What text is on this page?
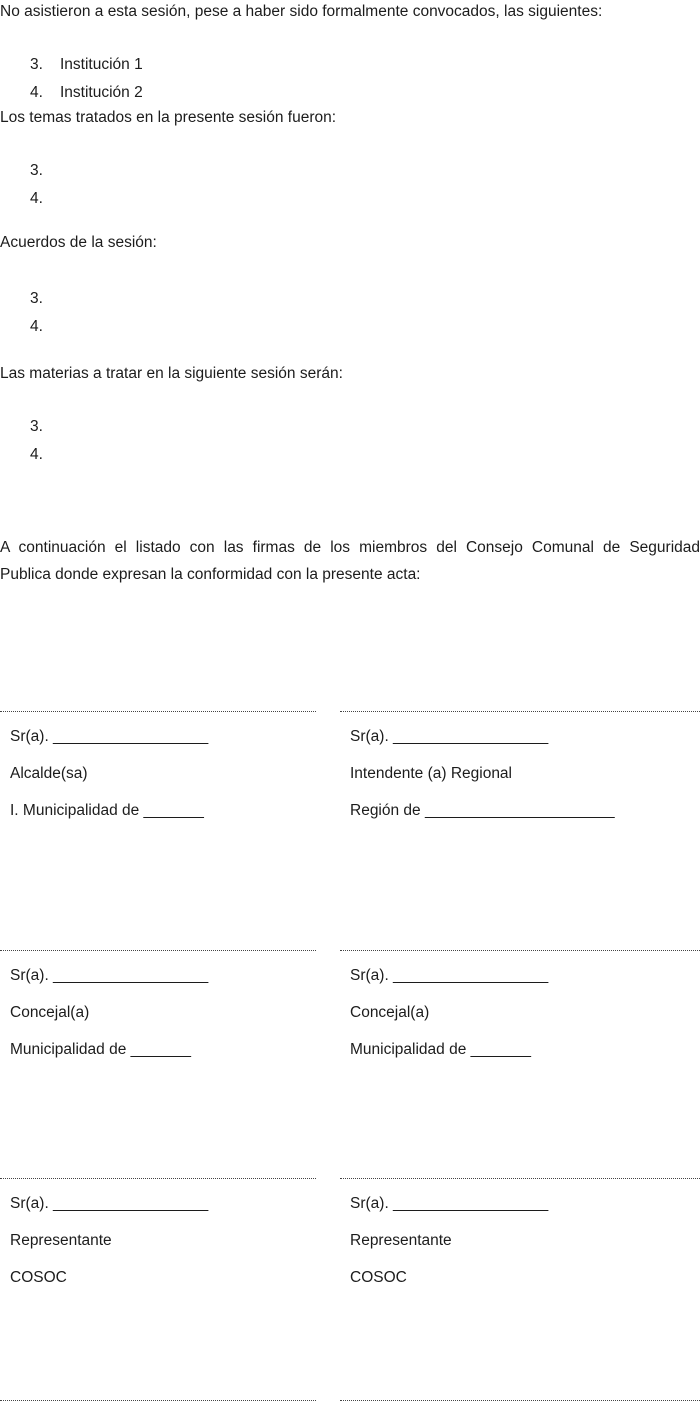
No asistieron a esta sesión, pese a haber sido formalmente convocados, las siguientes:

3. Institución 1
4. Institución 2

Los temas tratados en la presente sesión fueron:

3.
4.

Acuerdos de la sesión:

3.
4.

Las materias a tratar en la siguiente sesión serán:

3.
4.

A continuación el listado con las firmas de los miembros del Consejo Comunal de Seguridad

Publica donde expresan la conformidad con la presente acta:

Sr(a). __________________

Alcalde(sa)

I. Municipalidad de _______

Sr(a). __________________

Intendente (a) Regional

Región de ______________________

Sr(a). __________________

Concejal(a)

Municipalidad de _______

Sr(a). __________________

Concejal(a)

Municipalidad de _______

Sr(a). __________________

Representante

COSOC

Sr(a). __________________

Representante

COSOC
